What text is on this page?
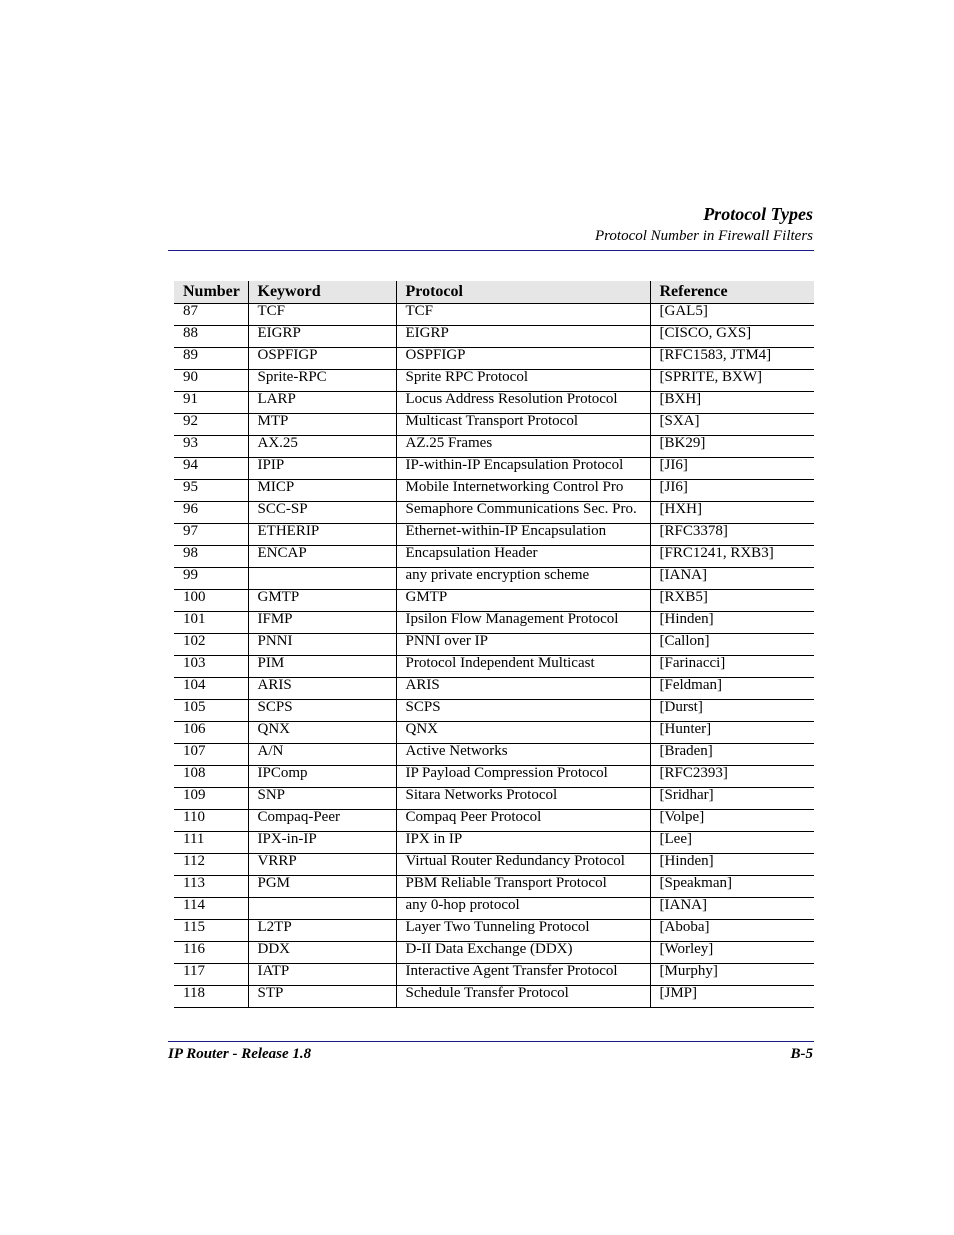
Protocol Types
Protocol Number in Firewall Filters
Number	Keyword	Protocol	Reference
87	TCF	TCF	[GAL5]
88	EIGRP	EIGRP	[CISCO, GXS]
89	OSPFIGP	OSPFIGP	[RFC1583, JTM4]
90	Sprite-RPC	Sprite RPC Protocol	[SPRITE, BXW]
91	LARP	Locus Address Resolution Protocol	[BXH]
92	MTP	Multicast Transport Protocol	[SXA]
93	AX.25	AZ.25 Frames	[BK29]
94	IPIP	IP-within-IP Encapsulation Protocol	[JI6]
95	MICP	Mobile Internetworking Control Pro	[JI6]
96	SCC-SP	Semaphore Communications Sec. Pro.	[HXH]
97	ETHERIP	Ethernet-within-IP Encapsulation	[RFC3378]
98	ENCAP	Encapsulation Header	[FRC1241, RXB3]
99		any private encryption scheme	[IANA]
100	GMTP	GMTP	[RXB5]
101	IFMP	Ipsilon Flow Management Protocol	[Hinden]
102	PNNI	PNNI over IP	[Callon]
103	PIM	Protocol Independent Multicast	[Farinacci]
104	ARIS	ARIS	[Feldman]
105	SCPS	SCPS	[Durst]
106	QNX	QNX	[Hunter]
107	A/N	Active Networks	[Braden]
108	IPComp	IP Payload Compression Protocol	[RFC2393]
109	SNP	Sitara Networks Protocol	[Sridhar]
110	Compaq-Peer	Compaq Peer Protocol	[Volpe]
111	IPX-in-IP	IPX in IP	[Lee]
112	VRRP	Virtual Router Redundancy Protocol	[Hinden]
113	PGM	PBM Reliable Transport Protocol	[Speakman]
114		any 0-hop protocol	[IANA]
115	L2TP	Layer Two Tunneling Protocol	[Aboba]
116	DDX	D-II Data Exchange (DDX)	[Worley]
117	IATP	Interactive Agent Transfer Protocol	[Murphy]
118	STP	Schedule Transfer Protocol	[JMP]
IP Router - Release 1.8	B-5
